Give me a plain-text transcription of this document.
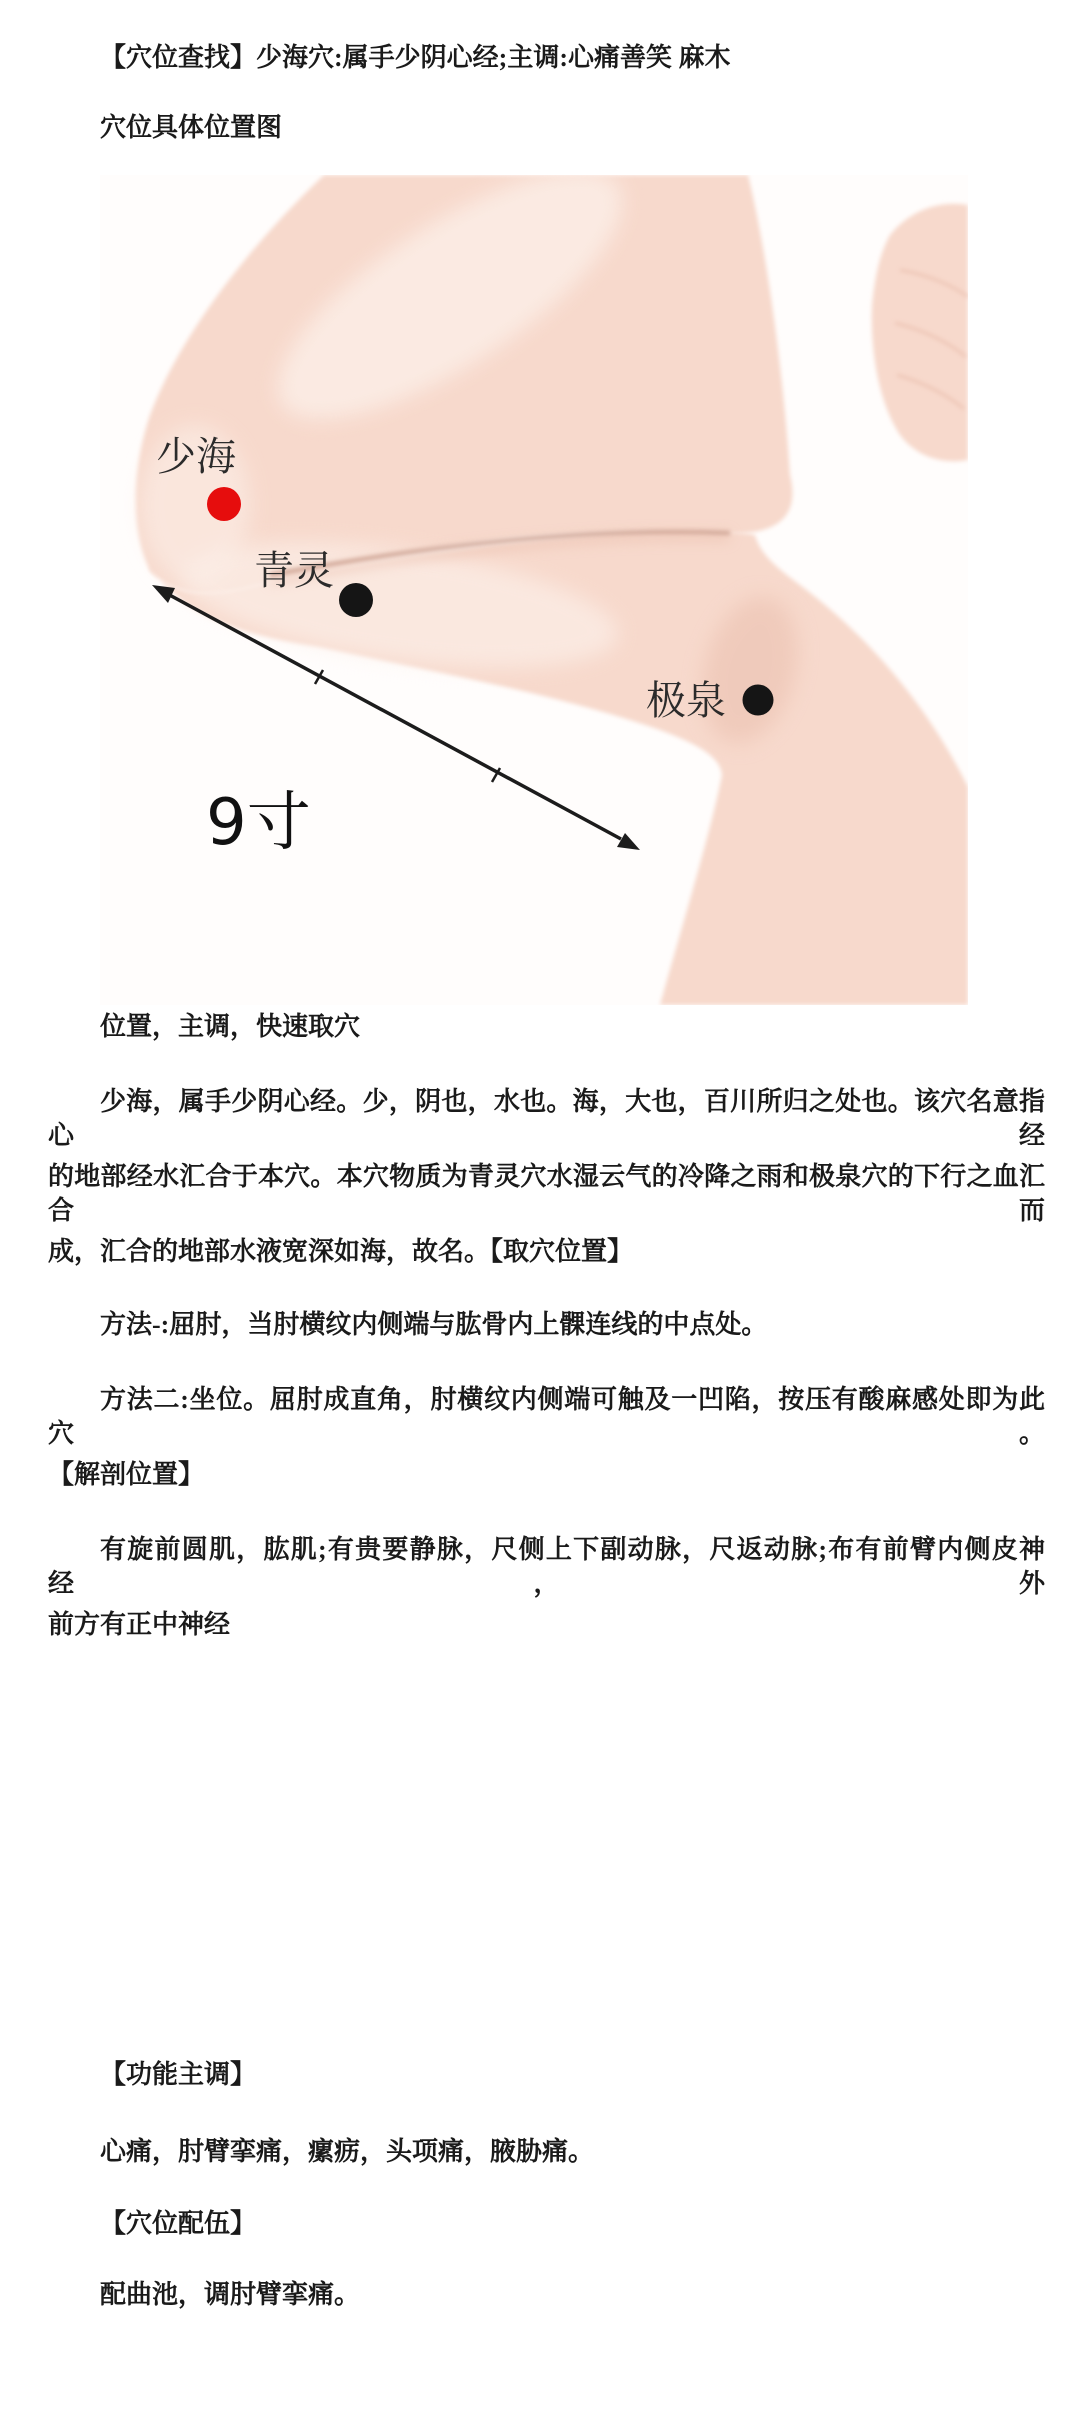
【穴位查找】少海穴:属手少阴心经;主调:心痛善笑 麻木
穴位具体位置图
少海
青灵
极泉
9寸
位置，主调，快速取穴
少海，属手少阴心经。少，阴也，水也。海，大也，百川所归之处也。该穴名意指心经
的地部经水汇合于本穴。本穴物质为青灵穴水湿云气的冷降之雨和极泉穴的下行之血汇合而
成，汇合的地部水液宽深如海，故名。【取穴位置】
方法-:屈肘，当肘横纹内侧端与肱骨内上髁连线的中点处。
方法二:坐位。屈肘成直角，肘横纹内侧端可触及一凹陷，按压有酸麻感处即为此穴。
【解剖位置】
有旋前圆肌，肱肌;有贵要静脉，尺侧上下副动脉，尺返动脉;布有前臂内侧皮神经，外
前方有正中神经
【功能主调】
心痛，肘臂挛痛，瘰疬，头项痛，腋胁痛。
【穴位配伍】
配曲池，调肘臂挛痛。
